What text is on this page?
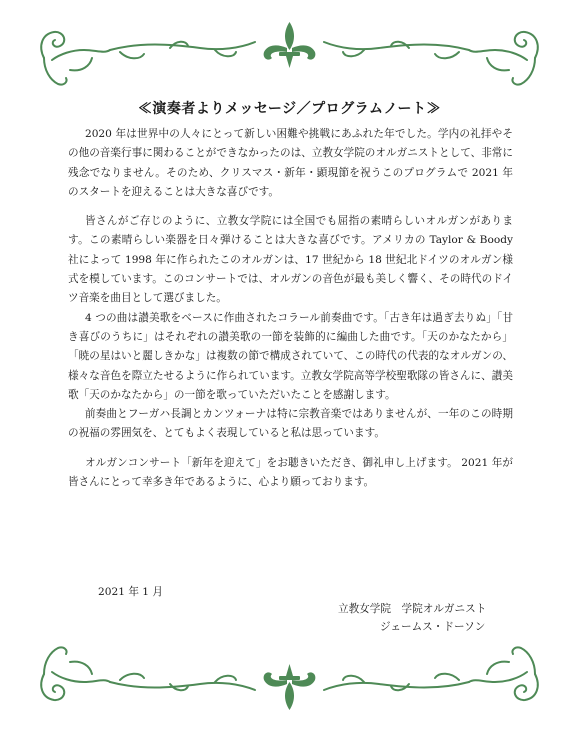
≪演奏者よりメッセージ／プログラムノート≫

2020 年は世界中の人々にとって新しい困難や挑戦にあふれた年でした。学内の礼拝やその他の音楽行事に関わることができなかったのは、立教女学院のオルガニストとして、非常に残念でなりません。そのため、クリスマス・新年・顕現節を祝うこのプログラムで 2021 年のスタートを迎えることは大きな喜びです。

皆さんがご存じのように、立教女学院には全国でも屈指の素晴らしいオルガンがあります。この素晴らしい楽器を日々弾けることは大きな喜びです。アメリカの Taylor & Boody 社によって 1998 年に作られたこのオルガンは、17 世紀から 18 世紀北ドイツのオルガン様式を模しています。このコンサートでは、オルガンの音色が最も美しく響く、その時代のドイツ音楽を曲目として選びました。

4 つの曲は讃美歌をベースに作曲されたコラール前奏曲です。「古き年は過ぎ去りぬ」「甘き喜びのうちに」はそれぞれの讃美歌の一節を装飾的に編曲した曲です。「天のかなたから」「暁の星はいと麗しきかな」は複数の節で構成されていて、この時代の代表的なオルガンの、様々な音色を際立たせるように作られています。立教女学院高等学校聖歌隊の皆さんに、讃美歌「天のかなたから」の一節を歌っていただいたことを感謝します。

前奏曲とフーガハ長調とカンツォーナは特に宗教音楽ではありませんが、一年のこの時期の祝福の雰囲気を、とてもよく表現していると私は思っています。

オルガンコンサート「新年を迎えて」をお聴きいただき、御礼申し上げます。 2021 年が皆さんにとって幸多き年であるように、心より願っております。

2021 年 1 月
立教女学院　学院オルガニスト
ジェームス・ドーソン
